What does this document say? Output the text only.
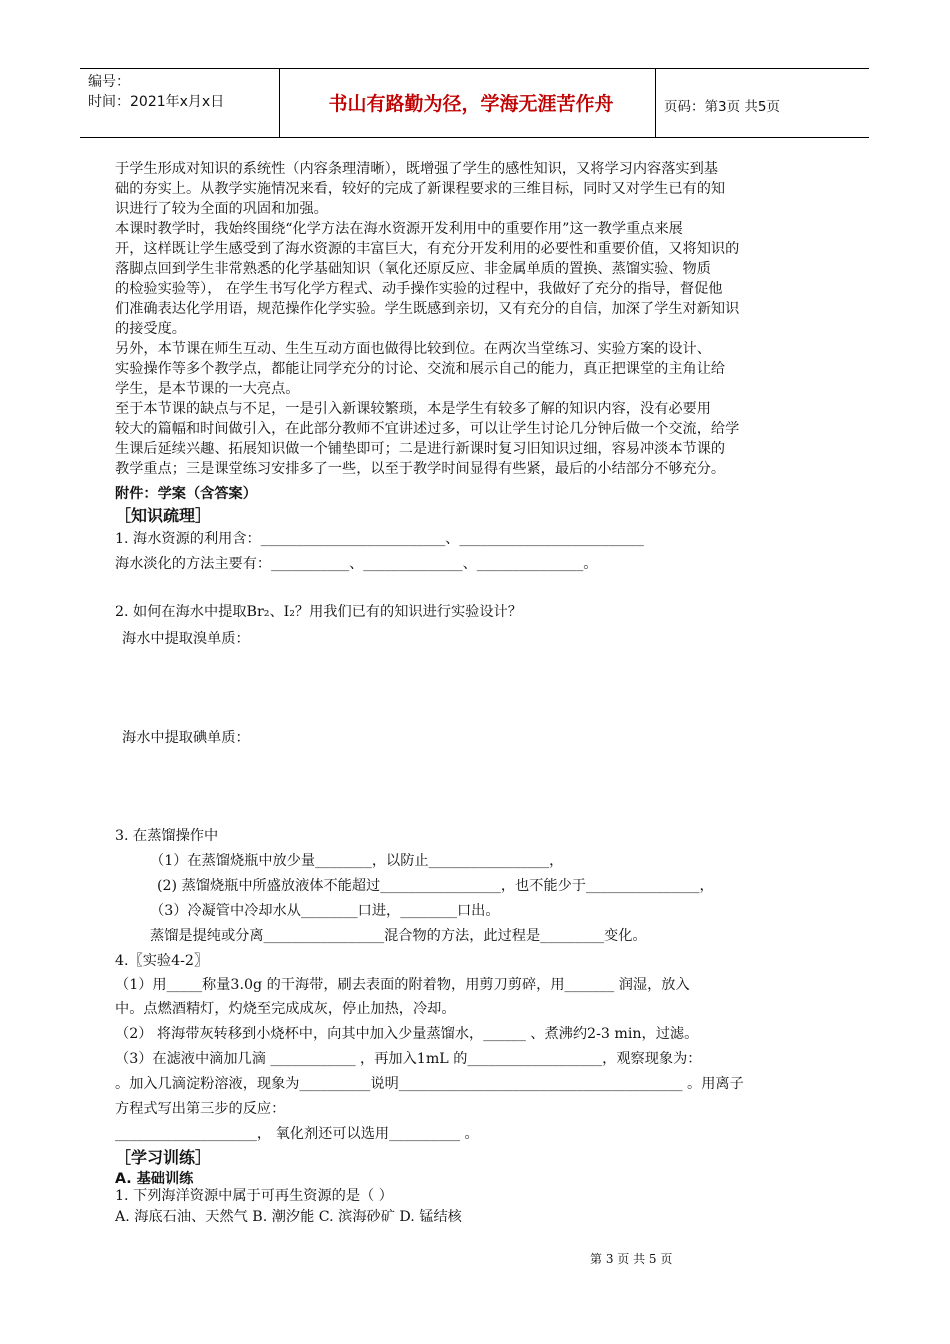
编号：
时间：2021年x月x日	书山有路勤为径，学海无涯苦作舟	页码：第3页 共5页
于学生形成对知识的系统性（内容条理清晰），既增强了学生的感性知识，又将学习内容落实到基
础的夯实上。从教学实施情况来看，较好的完成了新课程要求的三维目标，同时又对学生已有的知
识进行了较为全面的巩固和加强。
本课时教学时，我始终围绕“化学方法在海水资源开发利用中的重要作用”这一教学重点来展
开，这样既让学生感受到了海水资源的丰富巨大，有充分开发利用的必要性和重要价值，又将知识的
落脚点回到学生非常熟悉的化学基础知识（氧化还原反应、非金属单质的置换、蒸馏实验、物质
的检验实验等）， 在学生书写化学方程式、动手操作实验的过程中，我做好了充分的指导，督促他
们准确表达化学用语，规范操作化学实验。学生既感到亲切，又有充分的自信，加深了学生对新知识
的接受度。
另外，本节课在师生互动、生生互动方面也做得比较到位。在两次当堂练习、实验方案的设计、
实验操作等多个教学点，都能让同学充分的讨论、交流和展示自己的能力，真正把课堂的主角让给
学生，是本节课的一大亮点。
至于本节课的缺点与不足，一是引入新课较繁琐，本是学生有较多了解的知识内容，没有必要用
较大的篇幅和时间做引入，在此部分教师不宜讲述过多，可以让学生讨论几分钟后做一个交流，给学
生课后延续兴趣、拓展知识做一个铺垫即可；二是进行新课时复习旧知识过细，容易冲淡本节课的
教学重点；三是课堂练习安排多了一些，以至于教学时间显得有些紧，最后的小结部分不够充分。
附件：学案（含答案）
［知识疏理］
1. 海水资源的利用含：__________________________、__________________________
海水淡化的方法主要有：___________、______________、_______________。
2. 如何在海水中提取Br₂、I₂？用我们已有的知识进行实验设计？
海水中提取溴单质：
海水中提取碘单质：
3. 在蒸馏操作中
（1）在蒸馏烧瓶中放少量________，以防止_________________，
(2) 蒸馏烧瓶中所盛放液体不能超过_________________，也不能少于________________，
（3）冷凝管中冷却水从________口进，________口出。
蒸馏是提纯或分离_________________混合物的方法，此过程是_________变化。
4.〖实验4-2〗
（1）用_____称量3.0g 的干海带，刷去表面的附着物，用剪刀剪碎，用_______ 润湿，放入
中。点燃酒精灯，灼烧至完成成灰，停止加热，冷却。
（2） 将海带灰转移到小烧杯中，向其中加入少量蒸馏水，______ 、煮沸约2-3 min，过滤。
（3）在滤液中滴加几滴 ____________ ，再加入1mL 的___________________，观察现象为：
。加入几滴淀粉溶液，现象为__________说明________________________________________ 。用离子
方程式写出第三步的反应：
____________________， 氧化剂还可以选用__________ 。
［学习训练］
A. 基础训练
1. 下列海洋资源中属于可再生资源的是（ ）
A. 海底石油、天然气 B. 潮汐能 C. 滨海砂矿 D. 锰结核
第 3 页 共 5 页
